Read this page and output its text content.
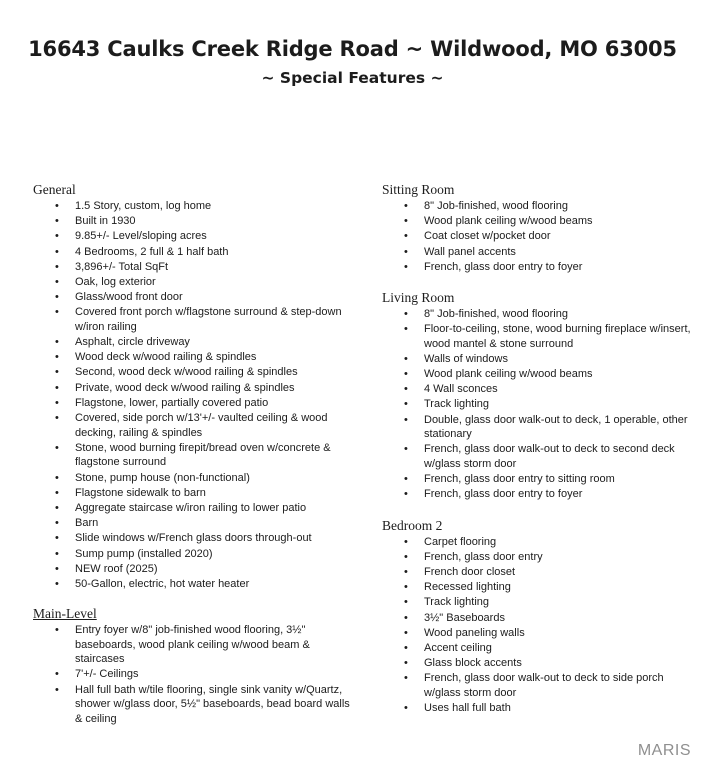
16643 Caulks Creek Ridge Road ~ Wildwood, MO 63005
~ Special Features ~
General
• 1.5 Story, custom, log home
• Built in 1930
• 9.85+/- Level/sloping acres
• 4 Bedrooms, 2 full & 1 half bath
• 3,896+/- Total SqFt
• Oak, log exterior
• Glass/wood front door
• Covered front porch w/flagstone surround & step-down w/iron railing
• Asphalt, circle driveway
• Wood deck w/wood railing & spindles
• Second, wood deck w/wood railing & spindles
• Private, wood deck w/wood railing & spindles
• Flagstone, lower, partially covered patio
• Covered, side porch w/13'+/- vaulted ceiling & wood decking, railing & spindles
• Stone, wood burning firepit/bread oven w/concrete & flagstone surround
• Stone, pump house (non-functional)
• Flagstone sidewalk to barn
• Aggregate staircase w/iron railing to lower patio
• Barn
• Slide windows w/French glass doors through-out
• Sump pump (installed 2020)
• NEW roof (2025)
• 50-Gallon, electric, hot water heater
Main-Level
• Entry foyer w/8" job-finished wood flooring, 3½" baseboards, wood plank ceiling w/wood beam & staircases
• 7'+/- Ceilings
• Hall full bath w/tile flooring, single sink vanity w/Quartz, shower w/glass door, 5½" baseboards, bead board walls & ceiling
Sitting Room
• 8" Job-finished, wood flooring
• Wood plank ceiling w/wood beams
• Coat closet w/pocket door
• Wall panel accents
• French, glass door entry to foyer
Living Room
• 8" Job-finished, wood flooring
• Floor-to-ceiling, stone, wood burning fireplace w/insert, wood mantel & stone surround
• Walls of windows
• Wood plank ceiling w/wood beams
• 4 Wall sconces
• Track lighting
• Double, glass door walk-out to deck, 1 operable, other stationary
• French, glass door walk-out to deck to second deck w/glass storm door
• French, glass door entry to sitting room
• French, glass door entry to foyer
Bedroom 2
• Carpet flooring
• French, glass door entry
• French door closet
• Recessed lighting
• Track lighting
• 3½" Baseboards
• Wood paneling walls
• Accent ceiling
• Glass block accents
• French, glass door walk-out to deck to side porch w/glass storm door
• Uses hall full bath
MARIS
